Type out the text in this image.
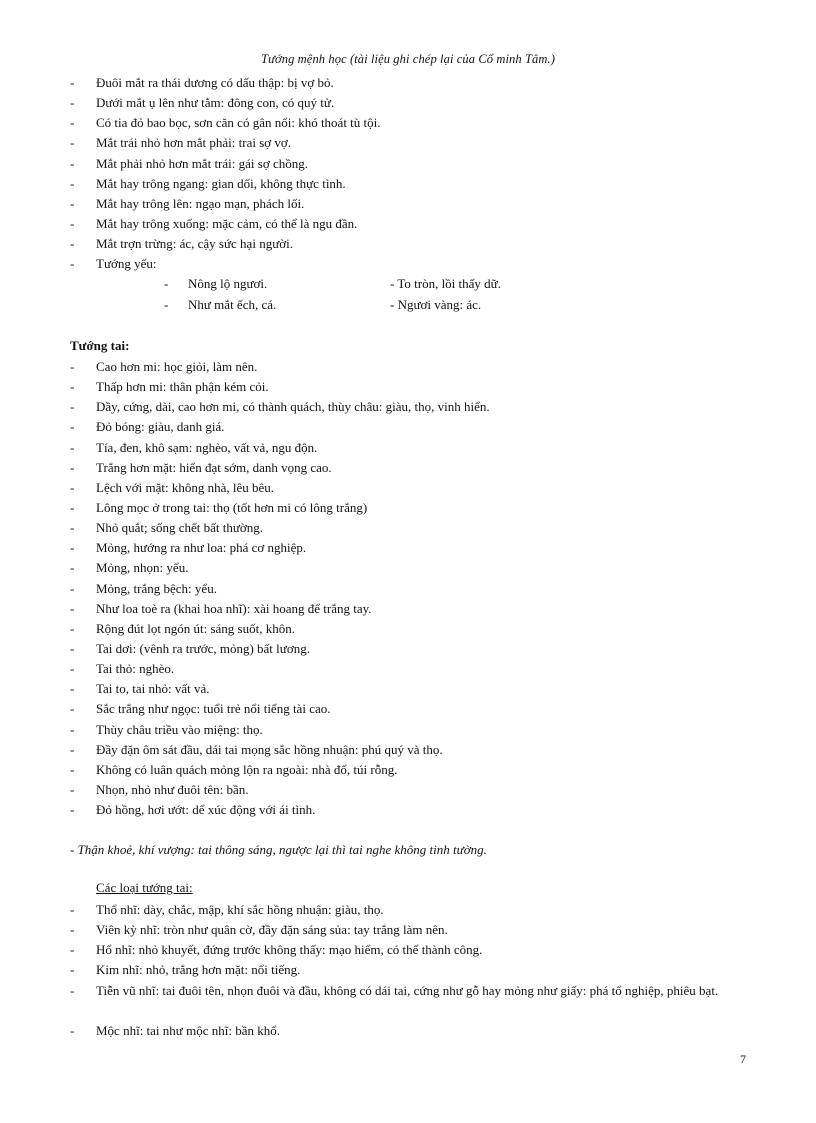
Tướng mệnh học (tài liệu ghi chép lại của Cổ minh Tâm.)
- Đuôi mắt ra thái dương có dấu thập: bị vợ bỏ.
- Dưới mắt ụ lên như tằm: đông con, có quý tử.
- Có tia đỏ bao bọc, sơn căn có gân nổi: khó thoát tù tội.
- Mắt trái nhỏ hơn mắt phải: trai sợ vợ.
- Mắt phải nhỏ hơn mắt trái: gái sợ chồng.
- Mắt hay trông ngang: gian dối, không thực tình.
- Mắt hay trông lên: ngạo mạn, phách lối.
- Mắt hay trông xuống: mặc cảm, có thể là ngu đần.
- Mắt trợn trừng: ác, cậy sức hại người.
- Tướng yếu:
- Nông lộ ngươi.	- To tròn, lồi thấy dữ.
- Như mắt ếch, cá.	- Ngươi vàng: ác.
Tướng tai:
- Cao hơn mi: học giỏi, làm nên.
- Thấp hơn mi: thân phận kém cỏi.
- Dầy, cứng, dài, cao hơn mi, có thành quách, thùy châu: giàu, thọ, vinh hiển.
- Đỏ bóng: giàu, danh giá.
- Tía, đen, khô sạm: nghèo, vất vả, ngu độn.
- Trắng hơn mặt: hiển đạt sớm, danh vọng cao.
- Lệch với mặt: không nhà, lêu bêu.
- Lông mọc ở trong tai: thọ (tốt hơn mi có lông trắng)
- Nhỏ quắt; sống chết bất thường.
- Mỏng, hướng ra như loa: phá cơ nghiệp.
- Mỏng, nhọn: yểu.
- Mỏng, trắng bệch: yểu.
- Như loa toè ra (khai hoa nhĩ): xài hoang để trắng tay.
- Rộng đút lọt ngón út: sáng suốt, khôn.
- Tai dơi: (vênh ra trước, mỏng) bất lương.
- Tai thỏ: nghèo.
- Tai to, tai nhỏ: vất vả.
- Sắc trắng như ngọc: tuổi trẻ nổi tiếng tài cao.
- Thùy châu triều vào miệng: thọ.
- Đầy đặn ôm sát đầu, dái tai mọng sắc hồng nhuận: phú quý và thọ.
- Không có luân quách mỏng lộn ra ngoài: nhà đổ, túi rỗng.
- Nhọn, nhỏ như đuôi tên: bần.
- Đỏ hồng, hơi ướt: dể xúc động với ái tình.
- Thận khoẻ, khí vượng: tai thông sáng, ngược lại thì tai nghe không tinh tường.
Các loại tướng tai:
- Thổ nhĩ: dày, chắc, mập, khí sắc hồng nhuận: giàu, thọ.
- Viên kỳ nhĩ: tròn như quân cờ, đầy đặn sáng sủa: tay trắng làm nên.
- Hổ nhĩ: nhỏ khuyết, đứng trước không thấy: mạo hiểm, có thể thành công.
- Kim nhĩ: nhỏ, trắng hơn mặt: nổi tiếng.
- Tiễn vũ nhĩ: tai đuôi tên, nhọn đuôi và đầu, không có dái tai, cứng như gỗ hay mỏng như giấy: phá tổ nghiệp, phiêu bạt.
- Mộc nhĩ: tai như mộc nhĩ: bần khổ.
7
